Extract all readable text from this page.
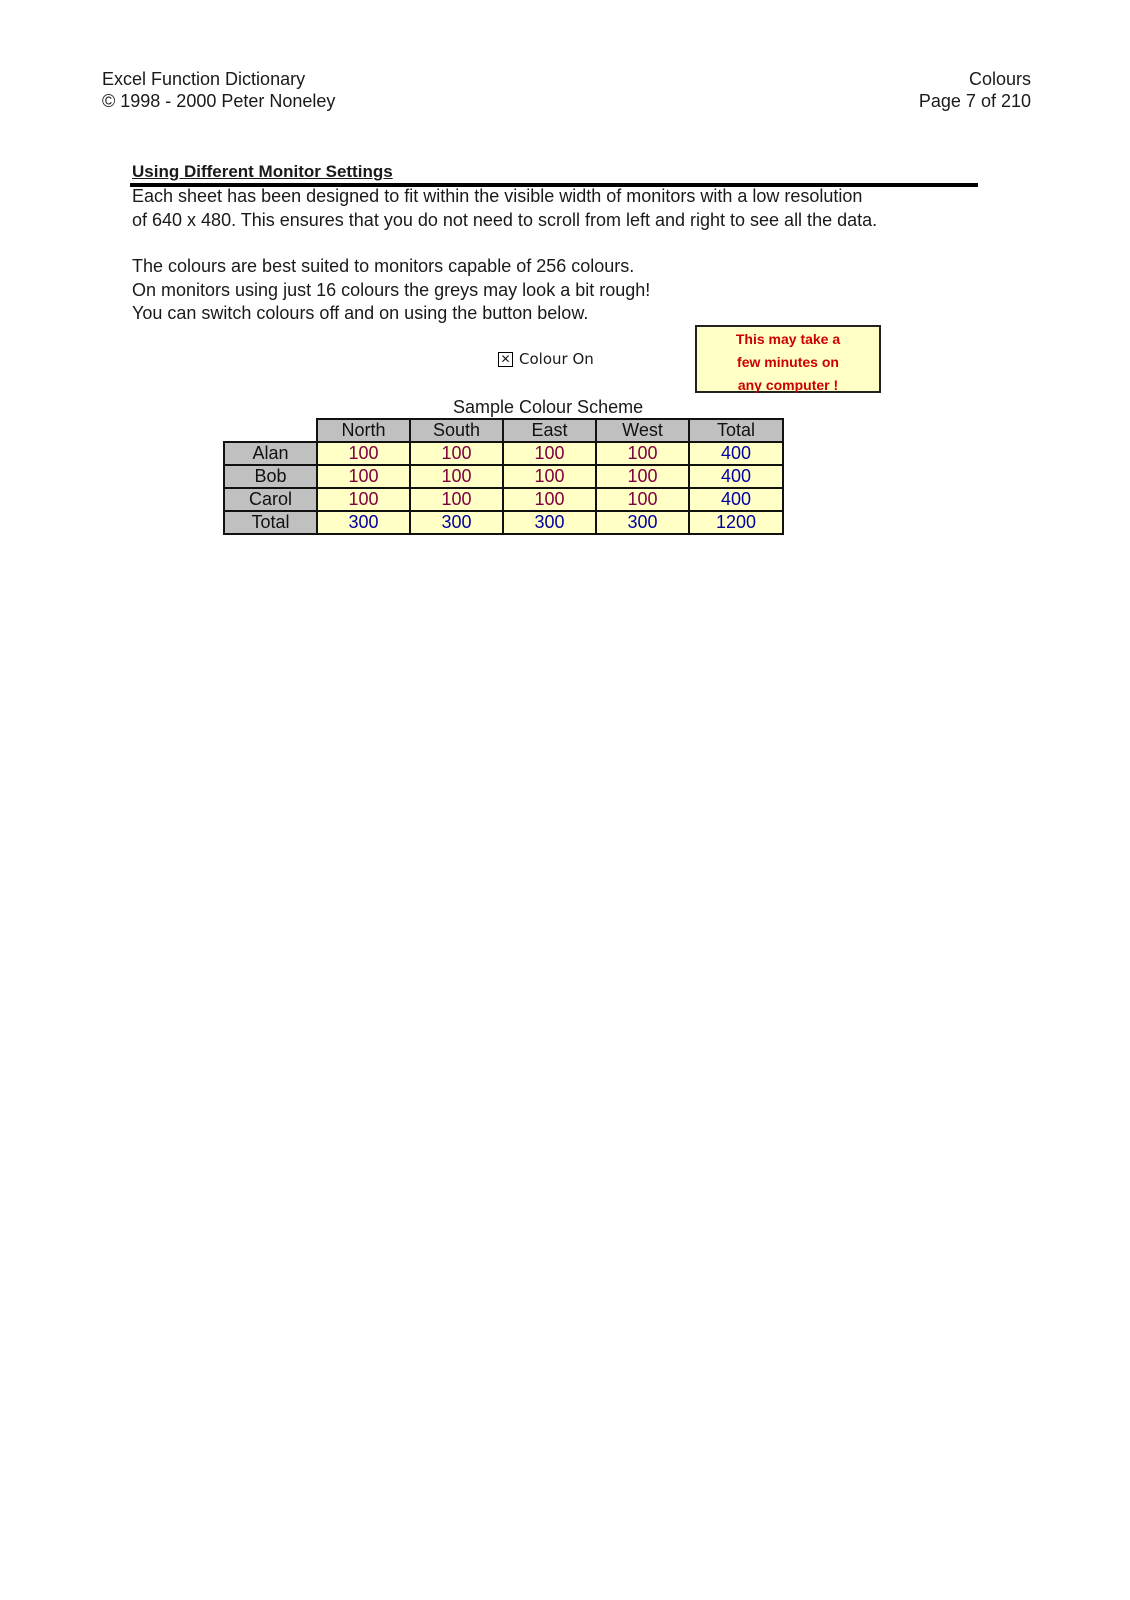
Excel Function Dictionary
© 1998 - 2000 Peter Noneley
Colours
Page 7 of 210
Using Different Monitor Settings
Each sheet has been designed to fit within the visible width of monitors with a low resolution
of 640 x 480. This ensures that you do not need to scroll from left and right to see all the data.
The colours are best suited to monitors capable of 256 colours.
On monitors using just 16 colours the greys may look a bit rough!
You can switch colours off and on using the button below.
✕ Colour On
This may take a
few minutes on
any computer !
Sample Colour Scheme
	North	South	East	West	Total
Alan	100	100	100	100	400
Bob	100	100	100	100	400
Carol	100	100	100	100	400
Total	300	300	300	300	1200
